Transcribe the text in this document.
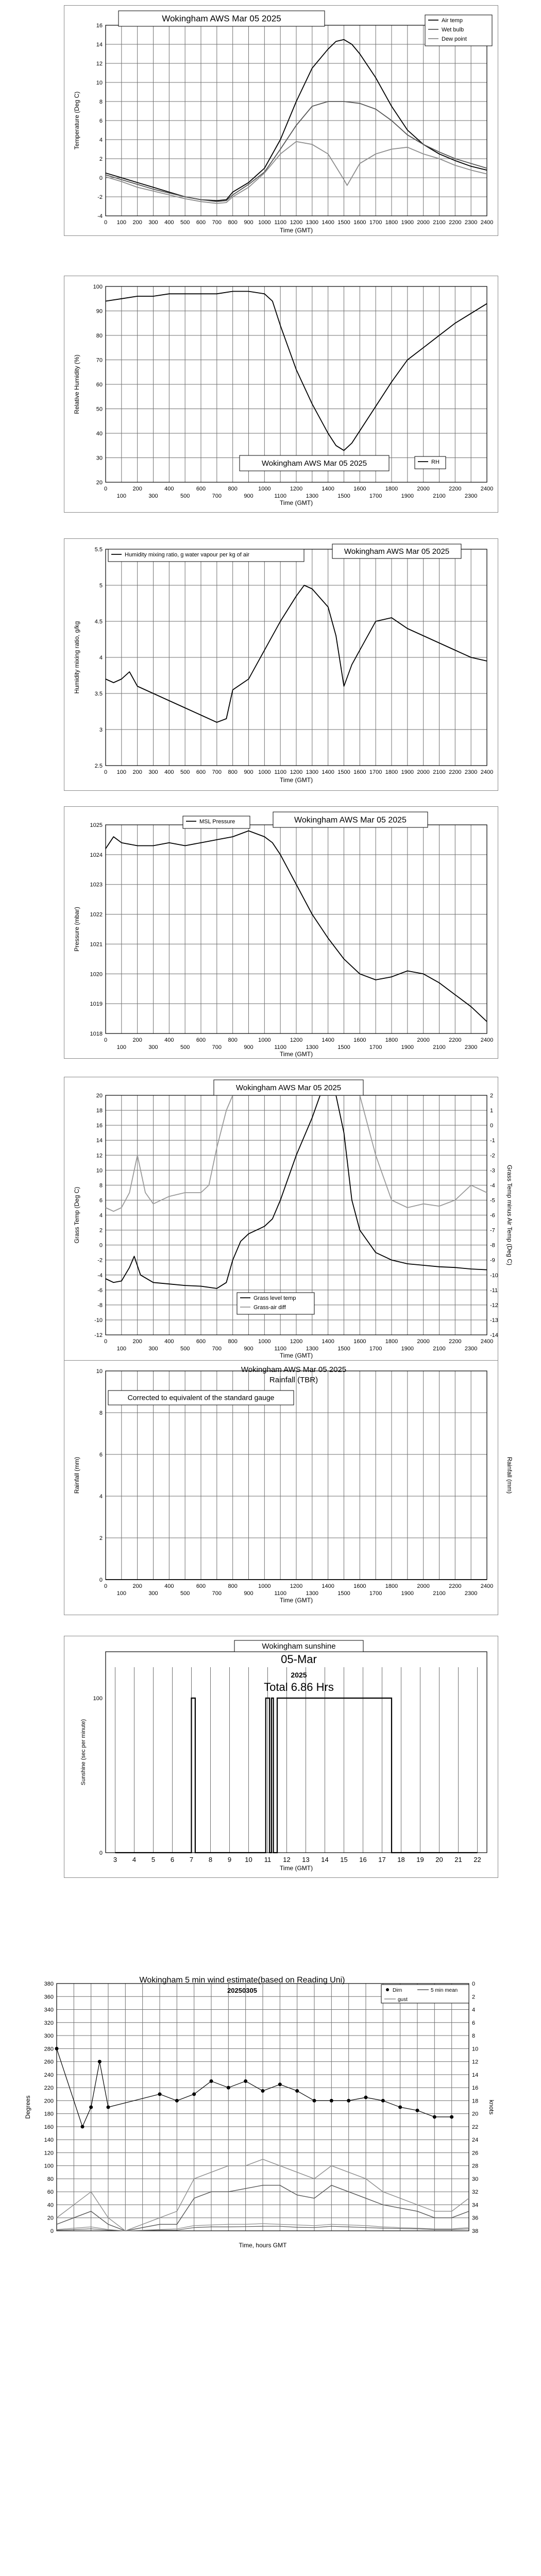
-4
-2
0
2
4
6
8
10
12
14
16
0 100 200 300 400 500 600 700 800 900 1000 1100 1200 1300 1400 1500 1600 1700 1800 1900 2000 2100 2200 2300 2400
Time (GMT)
Temperature (Deg C)
Wokingham AWS Mar 05 2025	Air temp
Wet bulb
Dew point
20
30
40
50
60
70
80
90
100
0	200	400	600	800	1000	1200	1400	1600	1800	2000	2200	2400
100	300	500	700	900	1100	1300	1500	1700	1900	2100	2300
Time (GMT)
Relative Humidity (%)
Wokingham AWS Mar 05 2025	RH
2.5
3
3.5
4
4.5
5
5.5
0 100 200 300 400 500 600 700 800 900 1000 1100 1200 1300 1400 1500 1600 1700 1800 1900 2000 2100 2200 2300 2400
Time (GMT)
Humidity mixing ratio, g/kg
Wokingham AWS Mar 05 2025
Humidity mixing ratio, g water vapour per kg of air
1018
1019
1020
1021
1022
1023
1024
1025
0	200	400	600	800	1000	1200	1400	1600	1800	2000	2200	2400
100	300	500	700	900	1100	1300	1500	1700	1900	2100	2300
Time (GMT)
Pressure (mbar)
Wokingham AWS Mar 05 2025
MSL Pressure
-12
-10
-8
-6
-4
-2
0
2
4
6
8
10
12
14
16
18
20	2
1
0
-1
-2
-3
-4
-5
-6
-7
-8
-9
-10
-11
-12
-13
-14
0	200	400	600	800	1000	1200	1400	1600	1800	2000	2200	2400
100	300	500	700	900	1100	1300	1500	1700	1900	2100	2300
Time (GMT)
Grass Temp (Deg C)	Grass Temp minus Air Temp (Deg C)
Wokingham AWS Mar 05 2025
Grass level temp
Grass-air diff
0
2
4
6
8
10
0	200	400	600	800	1000	1200	1400	1600	1800	2000	2200	2400
100	300	500	700	900	1100	1300	1500	1700	1900	2100	2300
Time (GMT)
Rainfall (mm)	Rainfall (mm)
Wokingham AWS Mar 05 2025
Rainfall (TBR)
Corrected to equivalent of the standard gauge
3 4 5 6 7 8 9 10 11 12 13 14 15 16 17 18 19 20 21 22
0
100
Time (GMT)
Sunshine (sec per minute)
Wokingham sunshine
05-Mar
2025
Total 6.86 Hrs
0
20
40
60
80
100
120
140
160
180
200
220
240
260
280
300
320
340
360
380	0
2
4
6
8
10
12
14
16
18
20
22
24
26
28
30
32
34
36
38
Time, hours GMT
Degrees	knots
Wokingham 5 min wind estimate(based on Reading Uni)
20250305	Dirn	5 min mean
gust
